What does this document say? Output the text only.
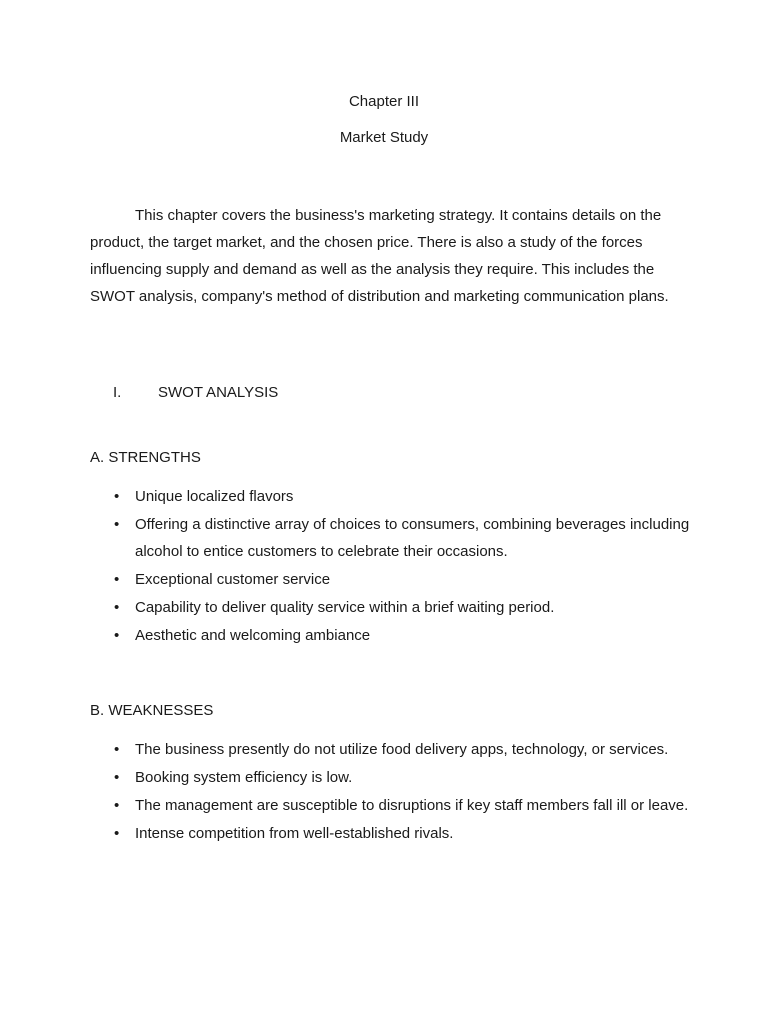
Chapter III
Market Study

This chapter covers the business's marketing strategy. It contains details on the product, the target market, and the chosen price. There is also a study of the forces influencing supply and demand as well as the analysis they require. This includes the SWOT analysis, company's method of distribution and marketing communication plans.

I. SWOT ANALYSIS
A. STRENGTHS
• Unique localized flavors
• Offering a distinctive array of choices to consumers, combining beverages including alcohol to entice customers to celebrate their occasions.
• Exceptional customer service
• Capability to deliver quality service within a brief waiting period.
• Aesthetic and welcoming ambiance
B. WEAKNESSES
• The business presently do not utilize food delivery apps, technology, or services.
• Booking system efficiency is low.
• The management are susceptible to disruptions if key staff members fall ill or leave.
• Intense competition from well-established rivals.
